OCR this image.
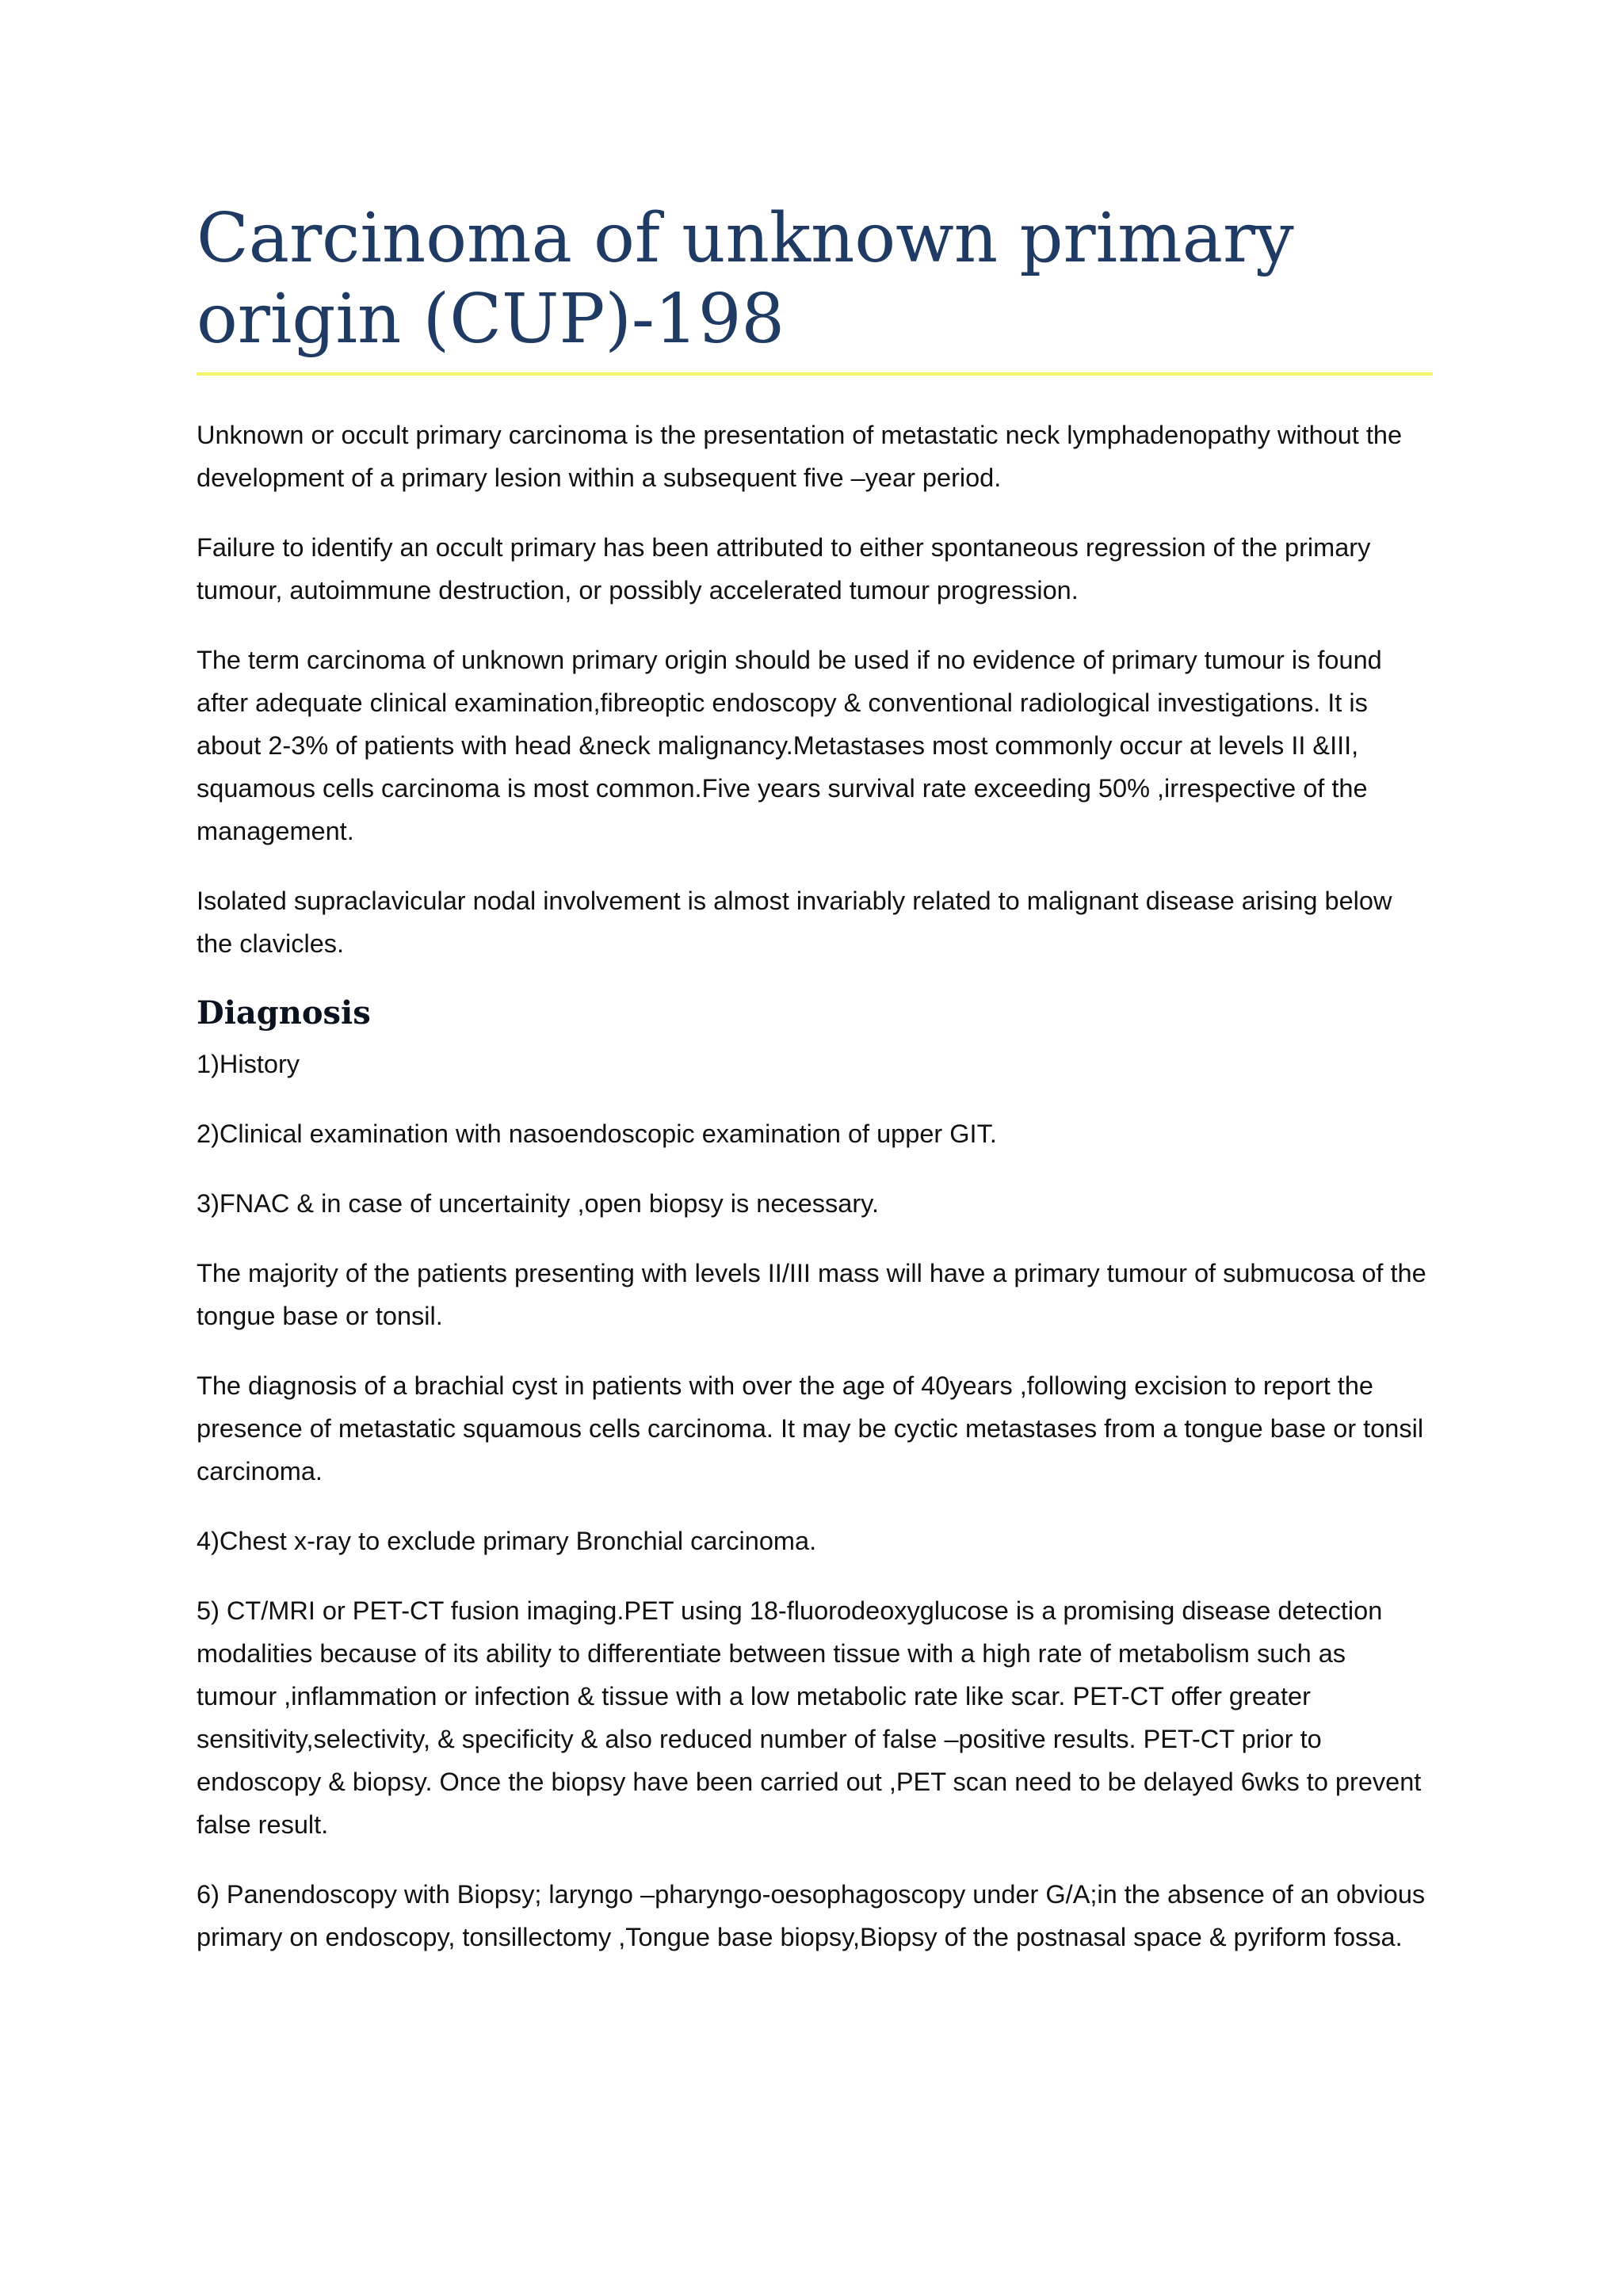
Carcinoma of unknown primary origin (CUP)-198

Unknown or occult primary carcinoma is the presentation of metastatic neck lymphadenopathy without the development of a primary lesion within a subsequent five –year period.

Failure to identify an occult primary has been attributed to either spontaneous regression of the primary tumour, autoimmune destruction, or possibly accelerated tumour progression.

The term carcinoma of unknown primary origin should be used if no evidence of primary tumour is found after adequate clinical examination,fibreoptic endoscopy & conventional radiological investigations. It is about 2-3% of patients with head &neck malignancy.Metastases most commonly occur at levels II &III, squamous cells carcinoma is most common.Five years survival rate exceeding 50% ,irrespective of the management.

Isolated supraclavicular nodal involvement is almost invariably related to malignant disease arising below the clavicles.

Diagnosis

1)History

2)Clinical examination with nasoendoscopic examination of upper GIT.

3)FNAC & in case of uncertainity ,open biopsy is necessary.

The majority of the patients presenting with levels II/III mass will have a primary tumour of submucosa of the tongue base or tonsil.

The diagnosis of a brachial cyst in patients with over the age of 40years ,following excision to report the presence of metastatic squamous cells carcinoma. It may be cyctic metastases from a tongue base or tonsil carcinoma.

4)Chest x-ray to exclude primary Bronchial carcinoma.

5) CT/MRI or PET-CT fusion imaging.PET using 18-fluorodeoxyglucose is a promising disease detection modalities because of its ability to differentiate between tissue with a high rate of metabolism such as tumour ,inflammation or infection & tissue with a low metabolic rate like scar. PET-CT offer greater sensitivity,selectivity, & specificity & also reduced number of false –positive results. PET-CT prior to endoscopy & biopsy. Once the biopsy have been carried out ,PET scan need to be delayed 6wks to prevent false result.

6) Panendoscopy with Biopsy; laryngo –pharyngo-oesophagoscopy under G/A;in the absence of an obvious primary on endoscopy, tonsillectomy ,Tongue base biopsy,Biopsy of the postnasal space & pyriform fossa.
